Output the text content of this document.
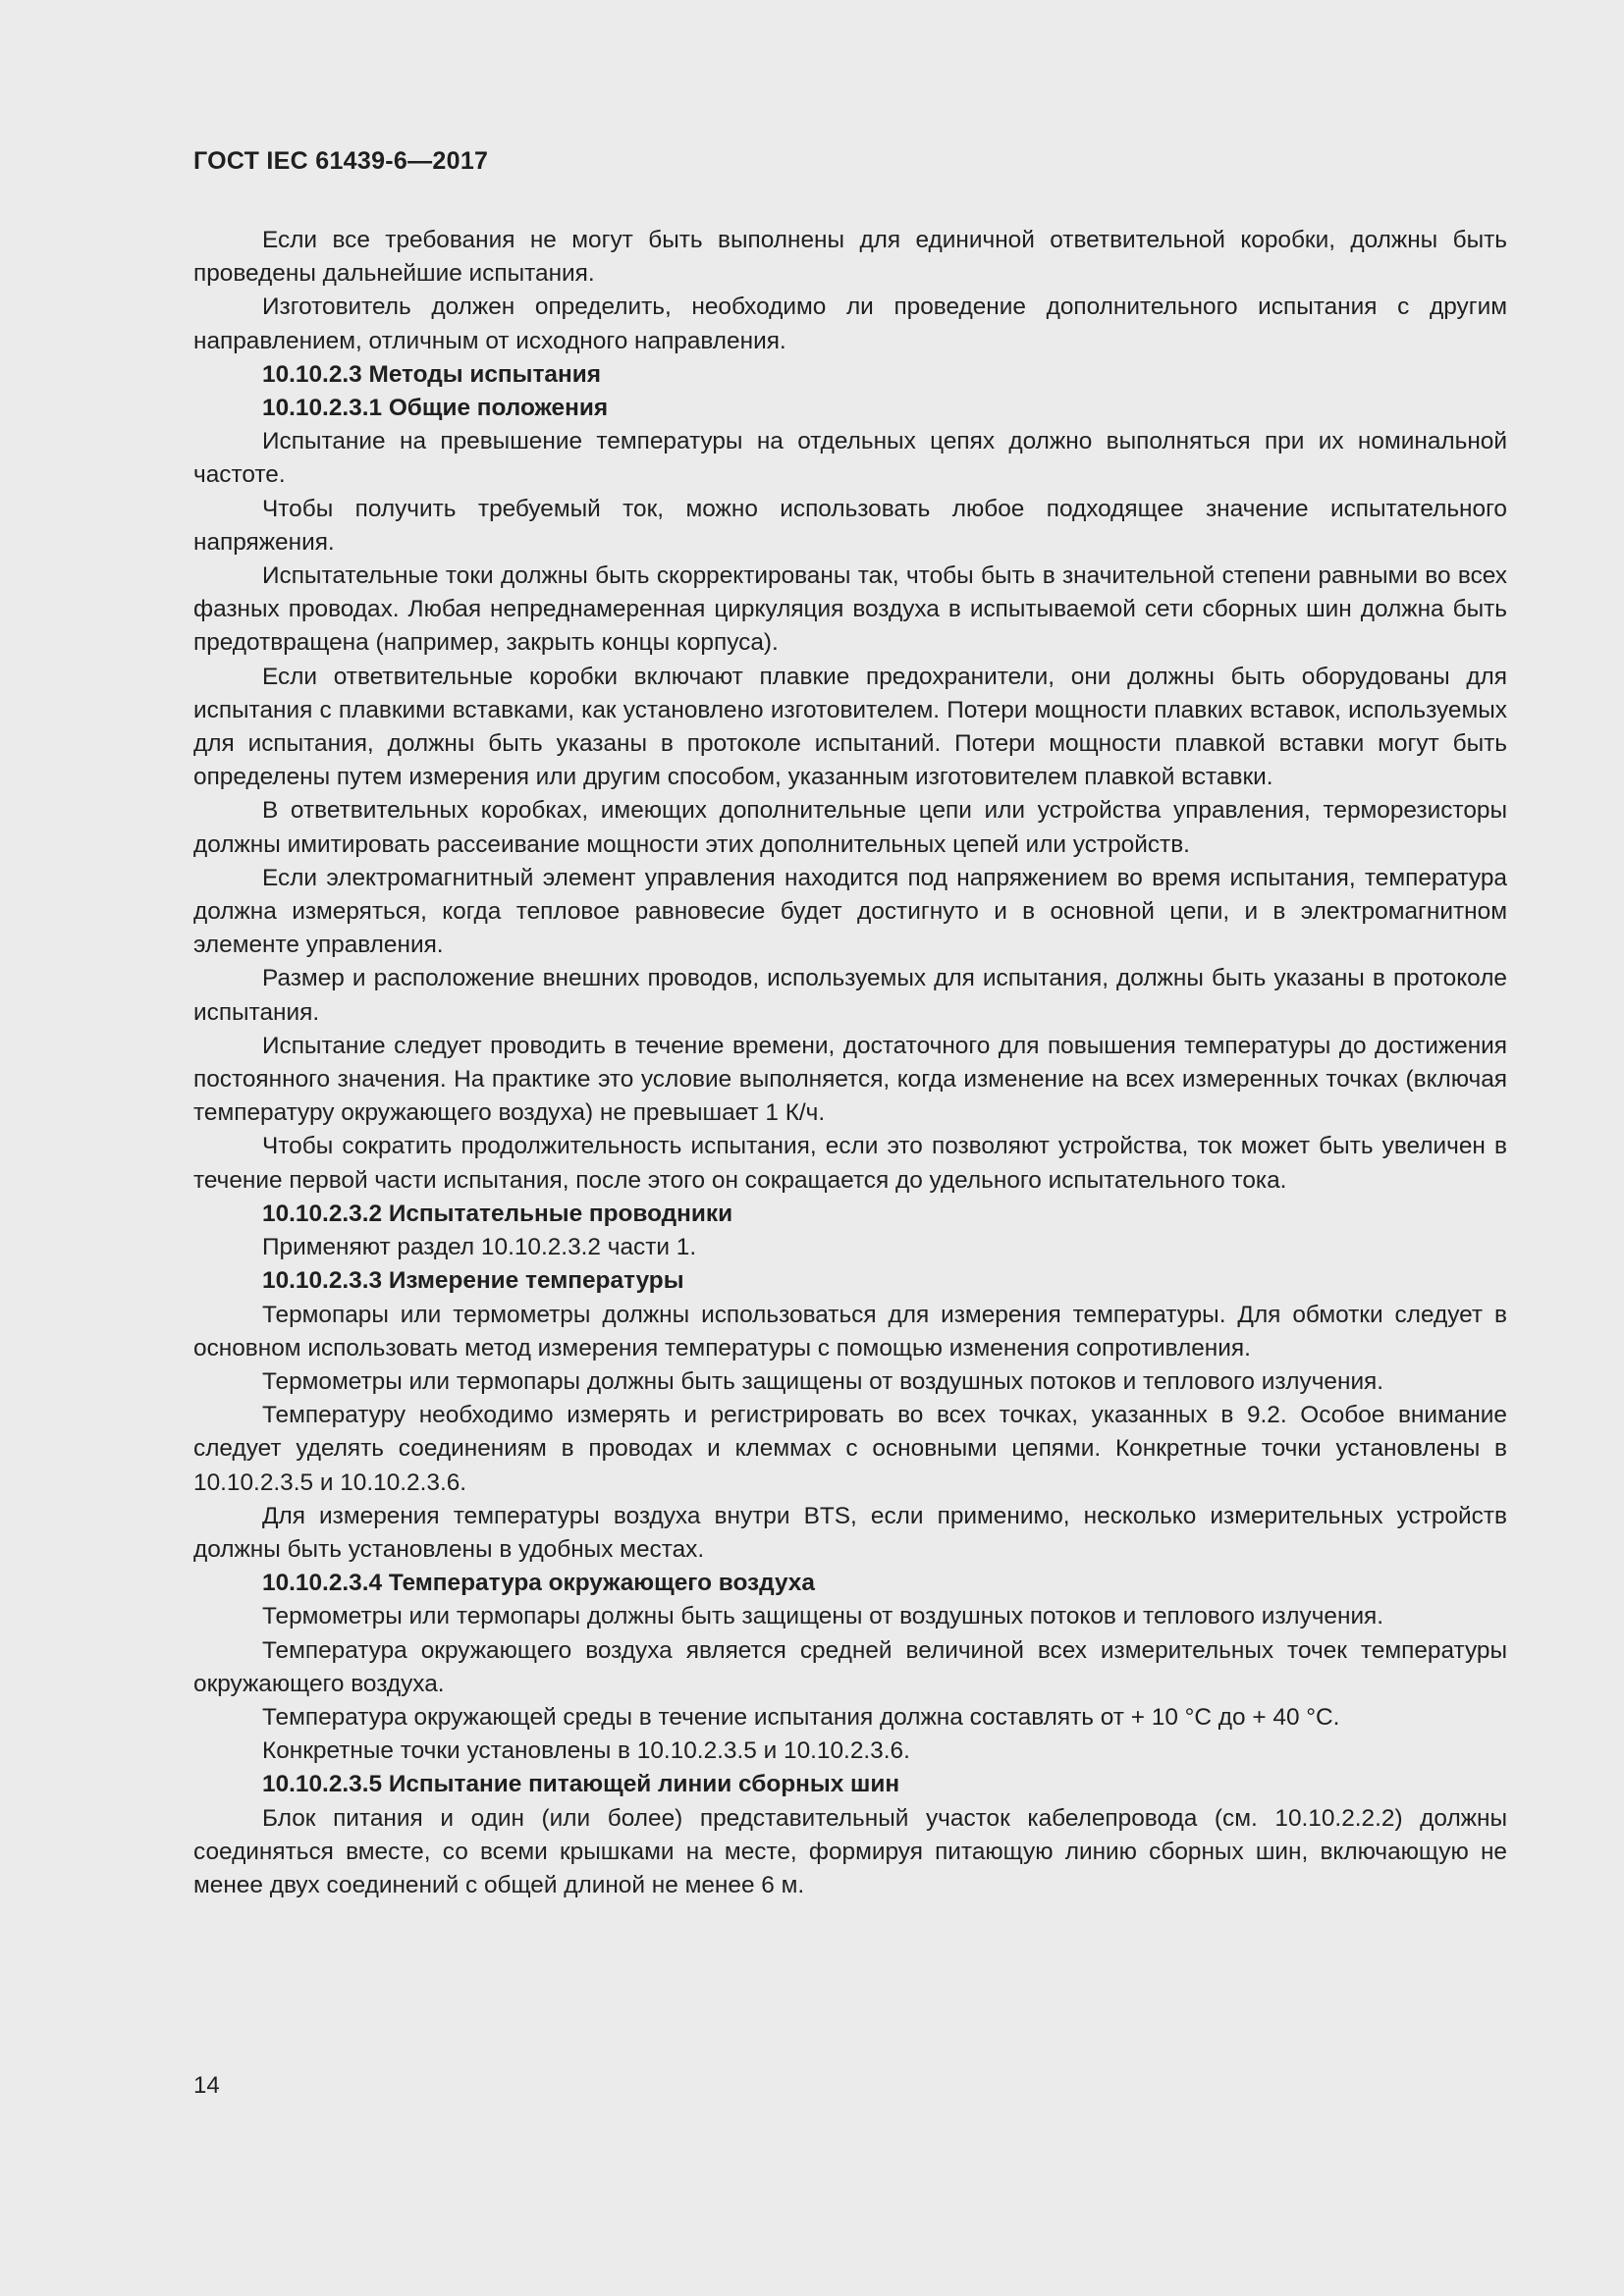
ГОСТ IEC 61439-6—2017

Если все требования не могут быть выполнены для единичной ответвительной коробки, должны быть проведены дальнейшие испытания.

Изготовитель должен определить, необходимо ли проведение дополнительного испытания с другим направлением, отличным от исходного направления.

10.10.2.3 Методы испытания

10.10.2.3.1 Общие положения

Испытание на превышение температуры на отдельных цепях должно выполняться при их номинальной частоте.

Чтобы получить требуемый ток, можно использовать любое подходящее значение испытательного напряжения.

Испытательные токи должны быть скорректированы так, чтобы быть в значительной степени равными во всех фазных проводах. Любая непреднамеренная циркуляция воздуха в испытываемой сети сборных шин должна быть предотвращена (например, закрыть концы корпуса).

Если ответвительные коробки включают плавкие предохранители, они должны быть оборудованы для испытания с плавкими вставками, как установлено изготовителем. Потери мощности плавких вставок, используемых для испытания, должны быть указаны в протоколе испытаний. Потери мощности плавкой вставки могут быть определены путем измерения или другим способом, указанным изготовителем плавкой вставки.

В ответвительных коробках, имеющих дополнительные цепи или устройства управления, терморезисторы должны имитировать рассеивание мощности этих дополнительных цепей или устройств.

Если электромагнитный элемент управления находится под напряжением во время испытания, температура должна измеряться, когда тепловое равновесие будет достигнуто и в основной цепи, и в электромагнитном элементе управления.

Размер и расположение внешних проводов, используемых для испытания, должны быть указаны в протоколе испытания.

Испытание следует проводить в течение времени, достаточного для повышения температуры до достижения постоянного значения. На практике это условие выполняется, когда изменение на всех измеренных точках (включая температуру окружающего воздуха) не превышает 1 К/ч.

Чтобы сократить продолжительность испытания, если это позволяют устройства, ток может быть увеличен в течение первой части испытания, после этого он сокращается до удельного испытательного тока.

10.10.2.3.2 Испытательные проводники

Применяют раздел 10.10.2.3.2 части 1.

10.10.2.3.3 Измерение температуры

Термопары или термометры должны использоваться для измерения температуры. Для обмотки следует в основном использовать метод измерения температуры с помощью изменения сопротивления.

Термометры или термопары должны быть защищены от воздушных потоков и теплового излучения.

Температуру необходимо измерять и регистрировать во всех точках, указанных в 9.2. Особое внимание следует уделять соединениям в проводах и клеммах с основными цепями. Конкретные точки установлены в 10.10.2.3.5 и 10.10.2.3.6.

Для измерения температуры воздуха внутри BTS, если применимо, несколько измерительных устройств должны быть установлены в удобных местах.

10.10.2.3.4 Температура окружающего воздуха

Термометры или термопары должны быть защищены от воздушных потоков и теплового излучения.

Температура окружающего воздуха является средней величиной всех измерительных точек температуры окружающего воздуха.

Температура окружающей среды в течение испытания должна составлять от + 10 °С до + 40 °С.

Конкретные точки установлены в 10.10.2.3.5 и 10.10.2.3.6.

10.10.2.3.5 Испытание питающей линии сборных шин

Блок питания и один (или более) представительный участок кабелепровода (см. 10.10.2.2.2) должны соединяться вместе, со всеми крышками на месте, формируя питающую линию сборных шин, включающую не менее двух соединений с общей длиной не менее 6 м.

14
